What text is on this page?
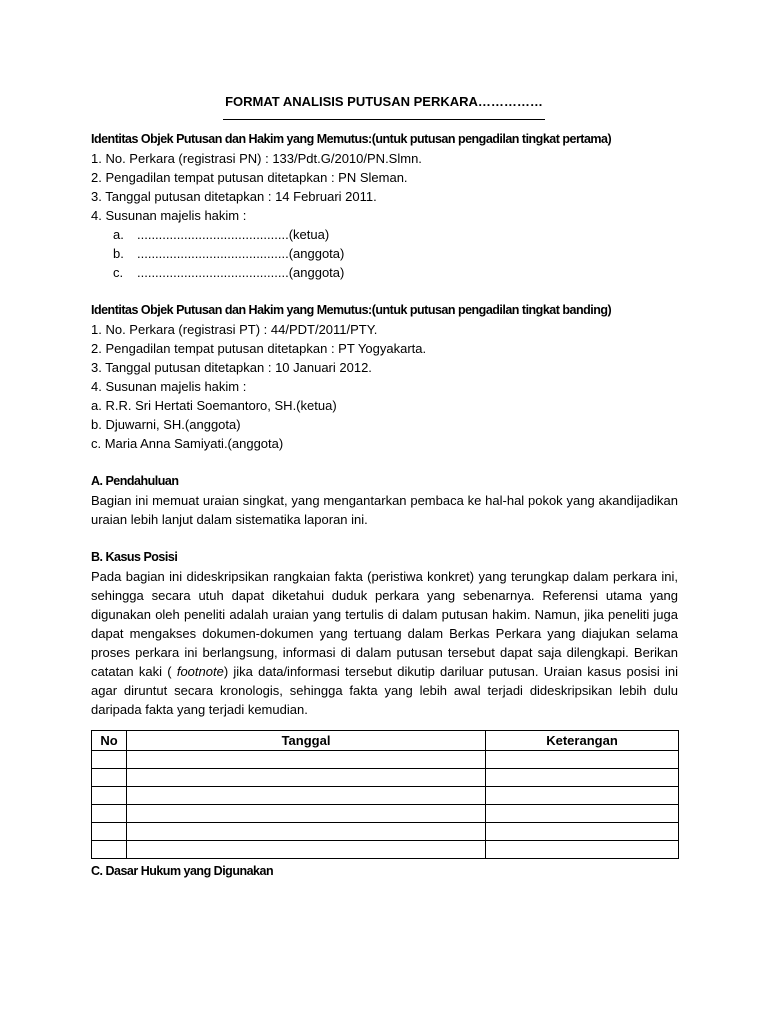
FORMAT ANALISIS PUTUSAN PERKARA……………
Identitas Objek Putusan dan Hakim yang Memutus:(untuk putusan pengadilan tingkat pertama)
1. No. Perkara (registrasi PN) : 133/Pdt.G/2010/PN.Slmn.
2. Pengadilan tempat putusan ditetapkan : PN Sleman.
3. Tanggal putusan ditetapkan : 14 Februari 2011.
4. Susunan majelis hakim :
a. ..........................................(ketua)
b. ..........................................(anggota)
c. ..........................................(anggota)
Identitas Objek Putusan dan Hakim yang Memutus:(untuk putusan pengadilan tingkat banding)
1. No. Perkara (registrasi PT) : 44/PDT/2011/PTY.
2. Pengadilan tempat putusan ditetapkan : PT Yogyakarta.
3. Tanggal putusan ditetapkan : 10 Januari 2012.
4. Susunan majelis hakim :
a. R.R. Sri Hertati Soemantoro, SH.(ketua)
b. Djuwarni, SH.(anggota)
c. Maria Anna Samiyati.(anggota)
A. Pendahuluan
Bagian ini memuat uraian singkat, yang mengantarkan pembaca ke hal-hal pokok yang akandijadikan uraian lebih lanjut dalam sistematika laporan ini.
B. Kasus Posisi
Pada bagian ini dideskripsikan rangkaian fakta (peristiwa konkret) yang terungkap dalam perkara ini, sehingga secara utuh dapat diketahui duduk perkara yang sebenarnya. Referensi utama yang digunakan oleh peneliti adalah uraian yang tertulis di dalam putusan hakim. Namun, jika peneliti juga dapat mengakses dokumen-dokumen yang tertuang dalam Berkas Perkara yang diajukan selama proses perkara ini berlangsung, informasi di dalam putusan tersebut dapat saja dilengkapi. Berikan catatan kaki ( footnote) jika data/informasi tersebut dikutip dariluar putusan. Uraian kasus posisi ini agar diruntut secara kronologis, sehingga fakta yang lebih awal terjadi dideskripsikan lebih dulu daripada fakta yang terjadi kemudian.
No	Tanggal	Keterangan

C. Dasar Hukum yang Digunakan
